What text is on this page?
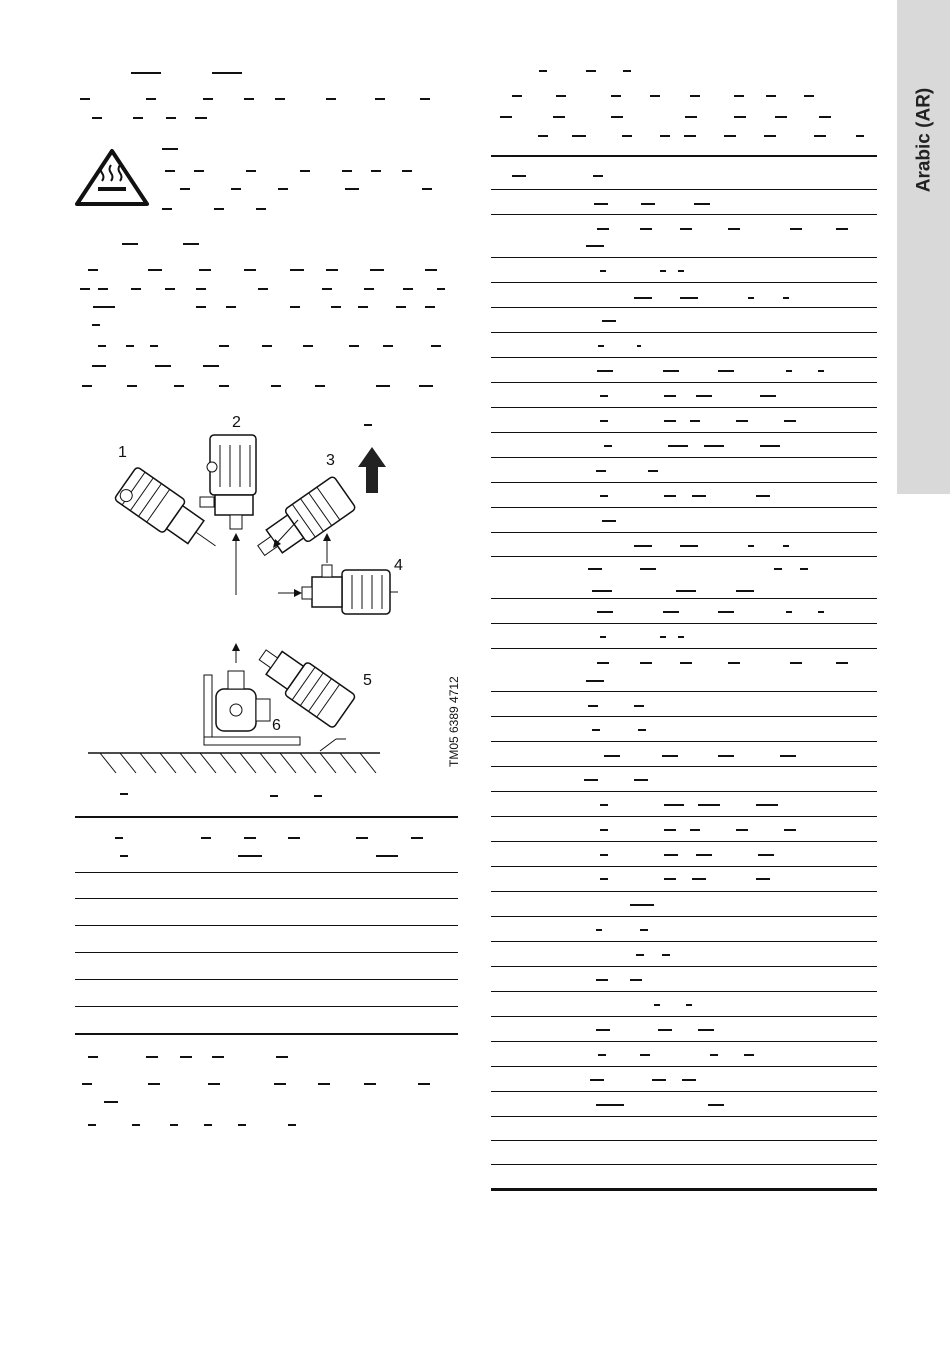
Arabic (AR)
1
2
3
4
5
6	TM05 6389 4712
